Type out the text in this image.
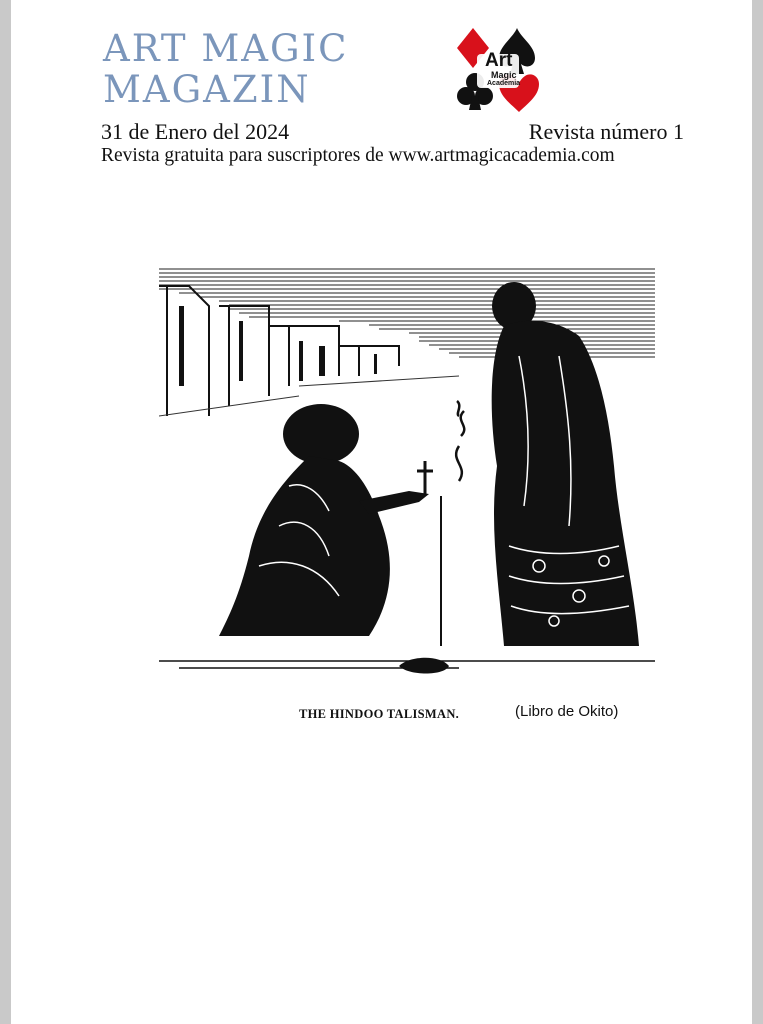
ART MAGIC
MAGAZIN
Art
Magic
Academia
31 de Enero del 2024	Revista número 1
Revista gratuita para suscriptores de www.artmagicacademia.com
THE HINDOO TALISMAN.	(Libro de Okito)
